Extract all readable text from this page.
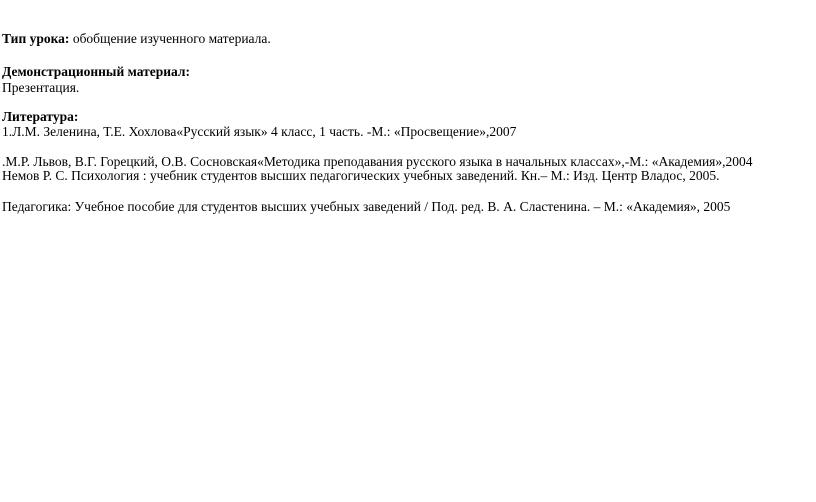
Тип урока: обобщение изученного материала.
Демонстрационный материал:
Презентация.
Литература:
1.Л.М. Зеленина, Т.Е. Хохлова«Русский язык» 4 класс, 1 часть. -М.: «Просвещение»,2007
.М.Р. Львов, В.Г. Горецкий, О.В. Сосновская«Методика преподавания русского языка в начальных классах»,-М.: «Академия»,2004
Немов Р. С. Психология : учебник студентов высших педагогических учебных заведений. Кн.– М.: Изд. Центр Владос, 2005.
Педагогика: Учебное пособие для студентов высших учебных заведений / Под. ред. В. А. Сластенина. – М.: «Академия», 2005
